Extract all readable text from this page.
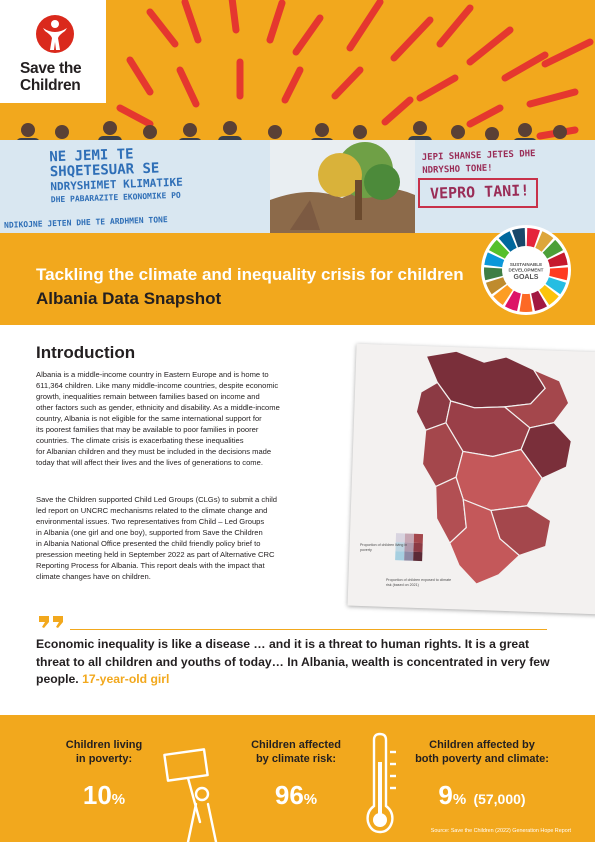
Save the
Children
NE JEMI TE
SHQETESUAR SE
NDRYSHIMET KLIMATIKE
DHE PABARAZITE EKONOMIKE PO
NDIKOJNE JETEN DHE TE ARDHMEN TONE
JEPI SHANSE JETES DHE
NDRYSHO TONE!
VEPRO TANI!
Tackling the climate and inequality crisis for children
Albania Data Snapshot
SUSTAINABLE
DEVELOPMENT
GOALS
Introduction
Albania is a middle-income country in Eastern Europe and is home to
611,364 children. Like many middle-income countries, despite economic
growth, inequalities remain between families based on income and
other factors such as gender, ethnicity and disability. As a middle-income
country, Albania is not eligible for the same international support for
its poorest families that may be available to poor families in poorer
countries. The climate crisis is exacerbating these inequalities
for Albanian children and they must be included in the decisions made
today that will affect their lives and the lives of generations to come.
Save the Children supported Child Led Groups (CLGs) to submit a child
led report on UNCRC mechanisms related to the climate change and
environmental issues. Two representatives from Child – Led Groups
in Albania (one girl and one boy), supported from Save the Children
in Albania National Office presented the child friendly policy brief to
presession meeting held in September 2022 as part of Alternative CRC
Reporting Process for Albania. This report deals with the impact that
climate changes have on children.
Proportion of children living in poverty
Proportion of children exposed to climate risk (based on 2021)
Economic inequality is like a disease … and it is a threat to human rights. It is a great threat to all children and youths of today… In Albania, wealth is concentrated in very few people. 17-year-old girl
Children living
in poverty:
10%
Children affected
by climate risk:
96%
Children affected by
both poverty and climate:
9% (57,000)
Source: Save the Children (2022) Generation Hope Report
